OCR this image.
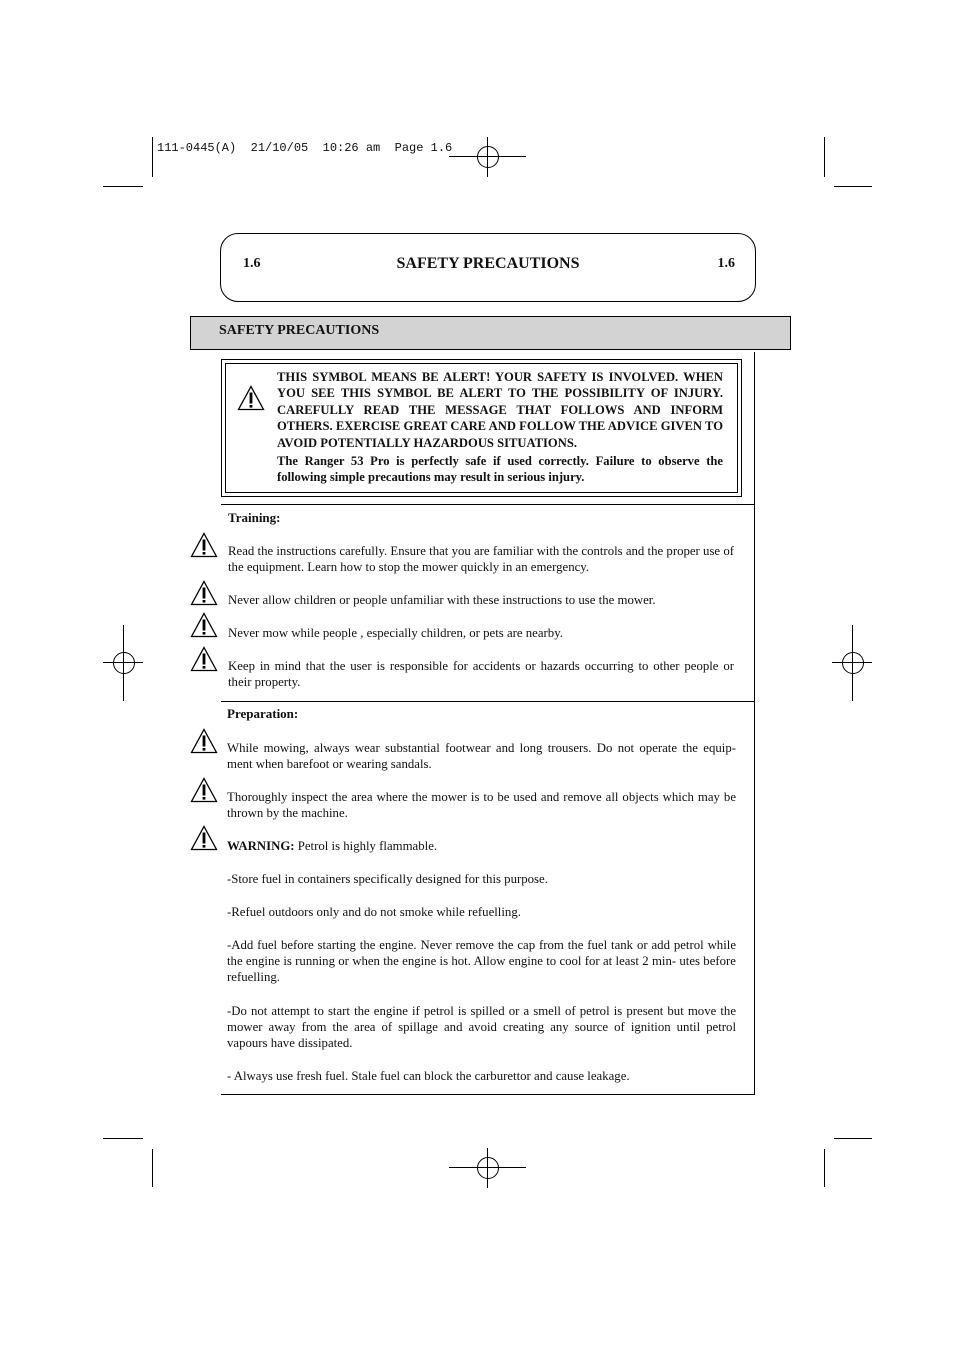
111-0445(A)  21/10/05  10:26 am  Page 1.6
1.6	SAFETY PRECAUTIONS	1.6
SAFETY PRECAUTIONS

THIS SYMBOL MEANS BE ALERT! YOUR SAFETY IS INVOLVED. WHEN YOU SEE THIS SYMBOL BE ALERT TO THE POSSIBILITY OF INJURY. CAREFULLY READ THE MESSAGE THAT FOLLOWS AND INFORM OTHERS. EXERCISE GREAT CARE AND FOLLOW THE ADVICE GIVEN TO AVOID POTENTIALLY HAZARDOUS SITUATIONS.

The Ranger 53 Pro is perfectly safe if used correctly. Failure to observe the following simple precautions may result in serious injury.

Training:
Read the instructions carefully. Ensure that you are familiar with the controls and the proper use of the equipment. Learn how to stop the mower quickly in an emergency.
Never allow children or people unfamiliar with these instructions to use the mower.
Never mow while people , especially children, or pets are nearby.
Keep in mind that the user is responsible for accidents or hazards occurring to other people or their property.
Preparation:
While mowing, always wear substantial footwear and long trousers. Do not operate the equip- ment when barefoot or wearing sandals.
Thoroughly inspect the area where the mower is to be used and remove all objects which may be thrown by the machine.
WARNING: Petrol is highly flammable.
-Store fuel in containers specifically designed for this purpose.
-Refuel outdoors only and do not smoke while refuelling.
-Add fuel before starting the engine. Never remove the cap from the fuel tank or add petrol while the engine is running or when the engine is hot. Allow engine to cool for at least 2 min- utes before refuelling.
-Do not attempt to start the engine if petrol is spilled or a smell of petrol is present but move the mower away from the area of spillage and avoid creating any source of ignition until petrol vapours have dissipated.
- Always use fresh fuel. Stale fuel can block the carburettor and cause leakage.
